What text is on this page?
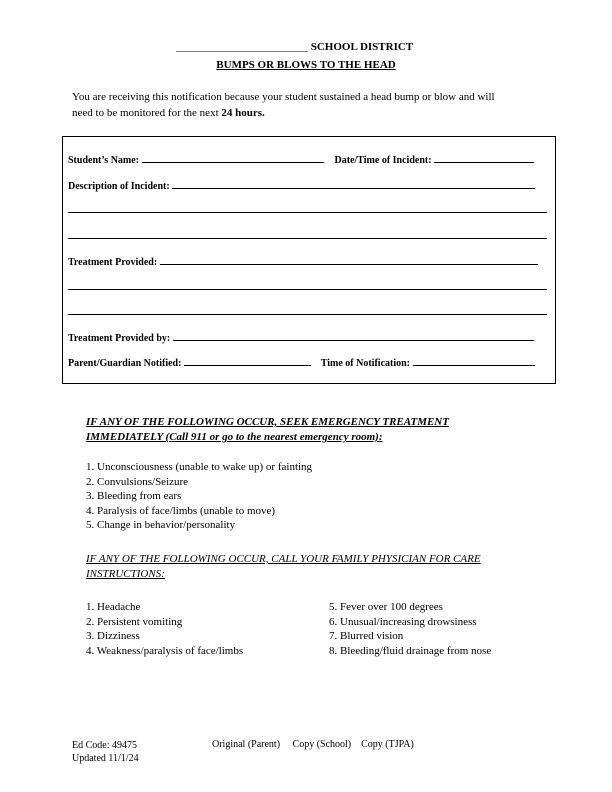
________________________ SCHOOL DISTRICT
BUMPS OR BLOWS TO THE HEAD
You are receiving this notification because your student sustained a head bump or blow and will
need to be monitored for the next 24 hours.
Student’s Name:	Date/Time of Incident:
Description of Incident:
Treatment Provided:
Treatment Provided by:
Parent/Guardian Notified:	Time of Notification:
IF ANY OF THE FOLLOWING OCCUR, SEEK EMERGENCY TREATMENT
IMMEDIATELY (Call 911 or go to the nearest emergency room):
1. Unconsciousness (unable to wake up) or fainting
2. Convulsions/Seizure
3. Bleeding from ears
4. Paralysis of face/limbs (unable to move)
5. Change in behavior/personality
IF ANY OF THE FOLLOWING OCCUR, CALL YOUR FAMILY PHYSICIAN FOR CARE
INSTRUCTIONS:
1. Headache
2. Persistent vomiting
3. Dizziness
4. Weakness/paralysis of face/limbs
5. Fever over 100 degrees
6. Unusual/increasing drowsiness
7. Blurred vision
8. Bleeding/fluid drainage from nose
Ed Code: 49475
Updated 11/1/24
Original (Parent)     Copy (School)    Copy (TJPA)
